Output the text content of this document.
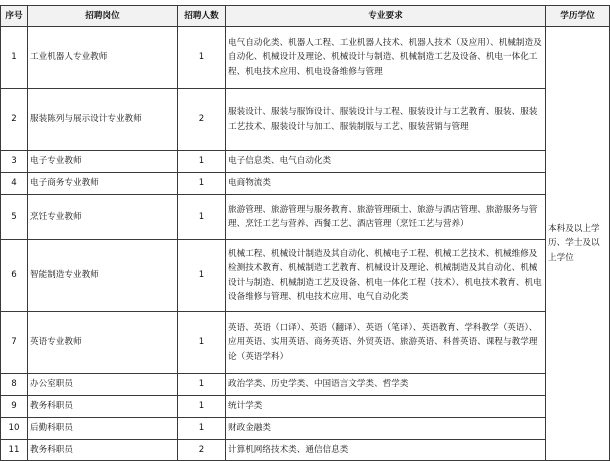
序号	招聘岗位	招聘人数	专业要求	学历学位
1	工业机器人专业教师	1	电气自动化类、机器人工程、工业机器人技术、机器人技术（及应用）、机械制造及自动化、机械设计及理论、机械设计与制造、机械制造工艺及设备、机电一体化工程、机电技术应用、机电设备维修与管理	本科及以上学历、学士及以上学位
2	服装陈列与展示设计专业教师	2	服装设计、服装与服饰设计、服装设计与工程、服装设计与工艺教育、服装、服装工艺技术、服装设计与加工、服装制版与工艺、服装营销与管理	
3	电子专业教师	1	电子信息类、电气自动化类	
4	电子商务专业教师	1	电商物流类	
5	烹饪专业教师	1	旅游管理、旅游管理与服务教育、旅游管理硕士、旅游与酒店管理、旅游服务与管理、烹饪工艺与营养、西餐工艺、酒店管理（烹饪工艺与营养）	
6	智能制造专业教师	1	机械工程、机械设计制造及其自动化、机械电子工程、机械工艺技术、机械维修及检测技术教育、机械制造工艺教育、机械设计及理论、机械制造及其自动化、机械设计与制造、机械制造工艺及设备、机电一体化工程（技术）、机电技术教育、机电设备维修与管理、机电技术应用、电气自动化类	
7	英语专业教师	1	英语、英语（口译）、英语（翻译）、英语（笔译）、英语教育、学科教学（英语）、应用英语、实用英语、商务英语、外贸英语、旅游英语、科普英语、课程与教学理论（英语学科）	
8	办公室职员	1	政治学类、历史学类、中国语言文学类、哲学类	
9	教务科职员	1	统计学类	
10	后勤科职员	1	财政金融类	
11	教务科职员	2	计算机网络技术类、通信信息类	
